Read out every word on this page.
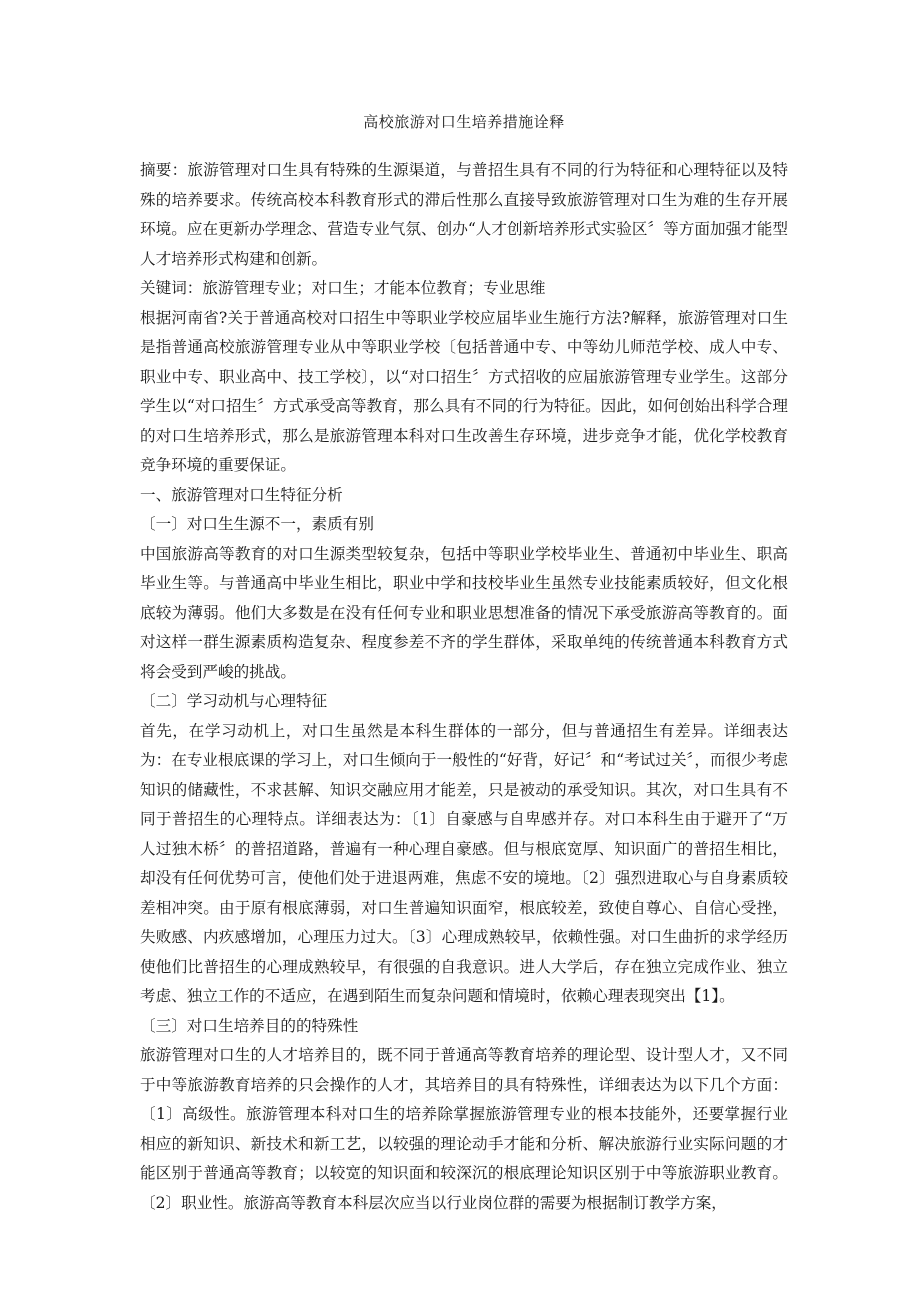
高校旅游对口生培养措施诠释

摘要：旅游管理对口生具有特殊的生源渠道，与普招生具有不同的行为特征和心理特征以及特殊的培养要求。传统高校本科教育形式的滞后性那么直接导致旅游管理对口生为难的生存开展环境。应在更新办学理念、营造专业气氛、创办“人才创新培养形式实验区〞等方面加强才能型人才培养形式构建和创新。

关键词：旅游管理专业；对口生；才能本位教育；专业思维

根据河南省?关于普通高校对口招生中等职业学校应届毕业生施行方法?解释，旅游管理对口生是指普通高校旅游管理专业从中等职业学校〔包括普通中专、中等幼儿师范学校、成人中专、职业中专、职业高中、技工学校〕，以“对口招生〞方式招收的应届旅游管理专业学生。这部分学生以“对口招生〞方式承受高等教育，那么具有不同的行为特征。因此，如何创始出科学合理的对口生培养形式，那么是旅游管理本科对口生改善生存环境，进步竞争才能，优化学校教育竞争环境的重要保证。

一、旅游管理对口生特征分析

〔一〕对口生生源不一，素质有别

中国旅游高等教育的对口生源类型较复杂，包括中等职业学校毕业生、普通初中毕业生、职高毕业生等。与普通高中毕业生相比，职业中学和技校毕业生虽然专业技能素质较好，但文化根底较为薄弱。他们大多数是在没有任何专业和职业思想准备的情况下承受旅游高等教育的。面对这样一群生源素质构造复杂、程度参差不齐的学生群体，采取单纯的传统普通本科教育方式将会受到严峻的挑战。

〔二〕学习动机与心理特征

首先，在学习动机上，对口生虽然是本科生群体的一部分，但与普通招生有差异。详细表达为：在专业根底课的学习上，对口生倾向于一般性的“好背，好记〞和“考试过关〞，而很少考虑知识的储藏性，不求甚解、知识交融应用才能差，只是被动的承受知识。其次，对口生具有不同于普招生的心理特点。详细表达为：〔1〕自豪感与自卑感并存。对口本科生由于避开了“万人过独木桥〞的普招道路，普遍有一种心理自豪感。但与根底宽厚、知识面广的普招生相比，却没有任何优势可言，使他们处于进退两难，焦虑不安的境地。〔2〕强烈进取心与自身素质较差相冲突。由于原有根底薄弱，对口生普遍知识面窄，根底较差，致使自尊心、自信心受挫，失败感、内疚感增加，心理压力过大。〔3〕心理成熟较早，依赖性强。对口生曲折的求学经历使他们比普招生的心理成熟较早，有很强的自我意识。进人大学后，存在独立完成作业、独立考虑、独立工作的不适应，在遇到陌生而复杂问题和情境时，依赖心理表现突出【1】。

〔三〕对口生培养目的的特殊性

旅游管理对口生的人才培养目的，既不同于普通高等教育培养的理论型、设计型人才，又不同于中等旅游教育培养的只会操作的人才，其培养目的具有特殊性，详细表达为以下几个方面：〔1〕高级性。旅游管理本科对口生的培养除掌握旅游管理专业的根本技能外，还要掌握行业相应的新知识、新技术和新工艺，以较强的理论动手才能和分析、解决旅游行业实际问题的才能区别于普通高等教育；以较宽的知识面和较深沉的根底理论知识区别于中等旅游职业教育。〔2〕职业性。旅游高等教育本科层次应当以行业岗位群的需要为根据制订教学方案，
